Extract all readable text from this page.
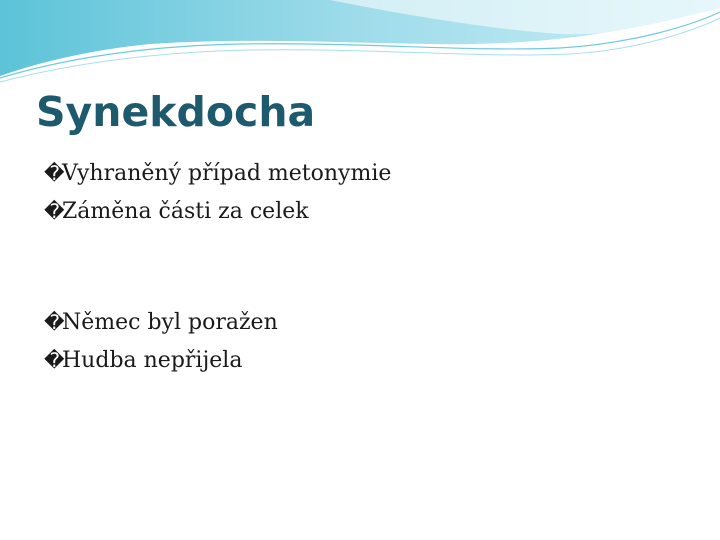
Synekdocha
�Vyhraněný případ metonymie
�Záměna části za celek
�Němec byl poražen
�Hudba nepřijela
